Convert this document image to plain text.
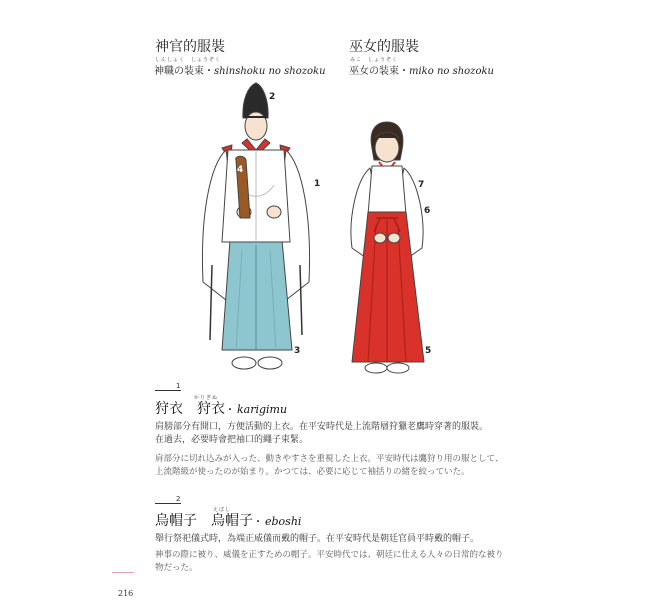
神官的服裝
しんしょく　しょうぞく
神職の装束・shinshoku no shozoku
巫女的服裝
みこ　しょうぞく
巫女の装束・miko no shozoku
1
2
3
4
5
6
7
1
かりぎぬ
狩衣 狩衣・ karigimu
肩膀部分有開口，方便活動的上衣。在平安時代是上流階層狩獵老鷹時穿著的服裝。在過去，必要時會把袖口的繩子束緊。
肩部分に切れ込みが入った、動きやすさを重視した上衣。平安時代は鷹狩り用の服として、上流階級が使ったのが始まり。かつては、必要に応じて袖括りの緒を絞っていた。
2
えぼし
烏帽子 烏帽子・ eboshi
舉行祭祀儀式時，為端正威儀而戴的帽子。在平安時代是朝廷官員平時戴的帽子。
神事の際に被り、威儀を正すための帽子。平安時代では、朝廷に仕える人々の日常的な被り物だった。
216
